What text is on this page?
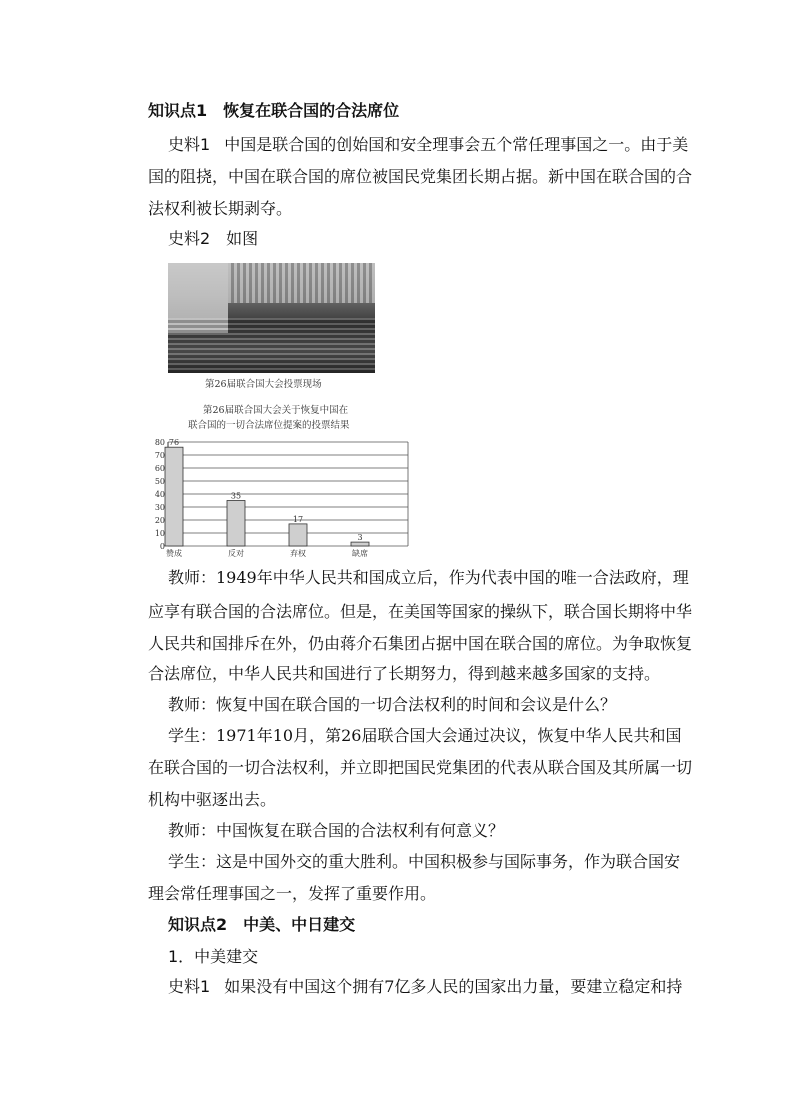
知识点1　恢复在联合国的合法席位
史料1 中国是联合国的创始国和安全理事会五个常任理事国之一。由于美
国的阻挠，中国在联合国的席位被国民党集团长期占据。新中国在联合国的合
法权利被长期剥夺。
史料2　如图
第26届联合国大会投票现场
第26届联合国大会关于恢复中国在
联合国的一切合法席位提案的投票结果
0
10
20
30
40
50
60
70
80 76
赞成
35
反对
17
弃权
3
缺席
教师：1949年中华人民共和国成立后，作为代表中国的唯一合法政府，理
应享有联合国的合法席位。但是，在美国等国家的操纵下，联合国长期将中华
人民共和国排斥在外，仍由蒋介石集团占据中国在联合国的席位。为争取恢复
合法席位，中华人民共和国进行了长期努力，得到越来越多国家的支持。
教师：恢复中国在联合国的一切合法权利的时间和会议是什么？
学生：1971年10月，第26届联合国大会通过决议，恢复中华人民共和国
在联合国的一切合法权利，并立即把国民党集团的代表从联合国及其所属一切
机构中驱逐出去。
教师：中国恢复在联合国的合法权利有何意义？
学生：这是中国外交的重大胜利。中国积极参与国际事务，作为联合国安
理会常任理事国之一，发挥了重要作用。
知识点2　中美、中日建交
1．中美建交
史料1 如果没有中国这个拥有7亿多人民的国家出力量，要建立稳定和持
